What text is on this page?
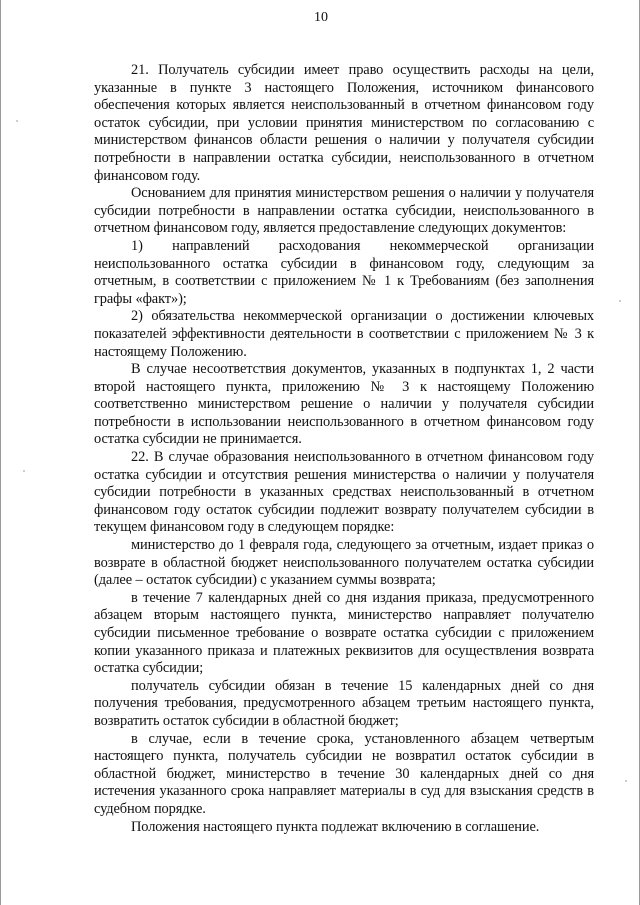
10

21. Получатель субсидии имеет право осуществить расходы на цели, указанные в пункте 3 настоящего Положения, источником финансового обеспечения которых является неиспользованный в отчетном финансовом году остаток субсидии, при условии принятия министерством по согласованию с министерством финансов области решения о наличии у получателя субсидии потребности в направлении остатка субсидии, неиспользованного в отчетном финансовом году.

Основанием для принятия министерством решения о наличии у получателя субсидии потребности в направлении остатка субсидии, неиспользованного в отчетном финансовом году, является предоставление следующих документов:

1) направлений расходования некоммерческой организации неиспользованного остатка субсидии в финансовом году, следующим за отчетным, в соответствии с приложением № 1 к Требованиям (без заполнения графы «факт»);

2) обязательства некоммерческой организации о достижении ключевых показателей эффективности деятельности в соответствии с приложением № 3 к настоящему Положению.

В случае несоответствия документов, указанных в подпунктах 1, 2 части второй настоящего пункта, приложению № 3 к настоящему Положению соответственно министерством решение о наличии у получателя субсидии потребности в использовании неиспользованного в отчетном финансовом году остатка субсидии не принимается.

22. В случае образования неиспользованного в отчетном финансовом году остатка субсидии и отсутствия решения министерства о наличии у получателя субсидии потребности в указанных средствах неиспользованный в отчетном финансовом году остаток субсидии подлежит возврату получателем субсидии в текущем финансовом году в следующем порядке:

министерство до 1 февраля года, следующего за отчетным, издает приказ о возврате в областной бюджет неиспользованного получателем остатка субсидии (далее – остаток субсидии) с указанием суммы возврата;

в течение 7 календарных дней со дня издания приказа, предусмотренного абзацем вторым настоящего пункта, министерство направляет получателю субсидии письменное требование о возврате остатка субсидии с приложением копии указанного приказа и платежных реквизитов для осуществления возврата остатка субсидии;

получатель субсидии обязан в течение 15 календарных дней со дня получения требования, предусмотренного абзацем третьим настоящего пункта, возвратить остаток субсидии в областной бюджет;

в случае, если в течение срока, установленного абзацем четвертым настоящего пункта, получатель субсидии не возвратил остаток субсидии в областной бюджет, министерство в течение 30 календарных дней со дня истечения указанного срока направляет материалы в суд для взыскания средств в судебном порядке.

Положения настоящего пункта подлежат включению в соглашение.
